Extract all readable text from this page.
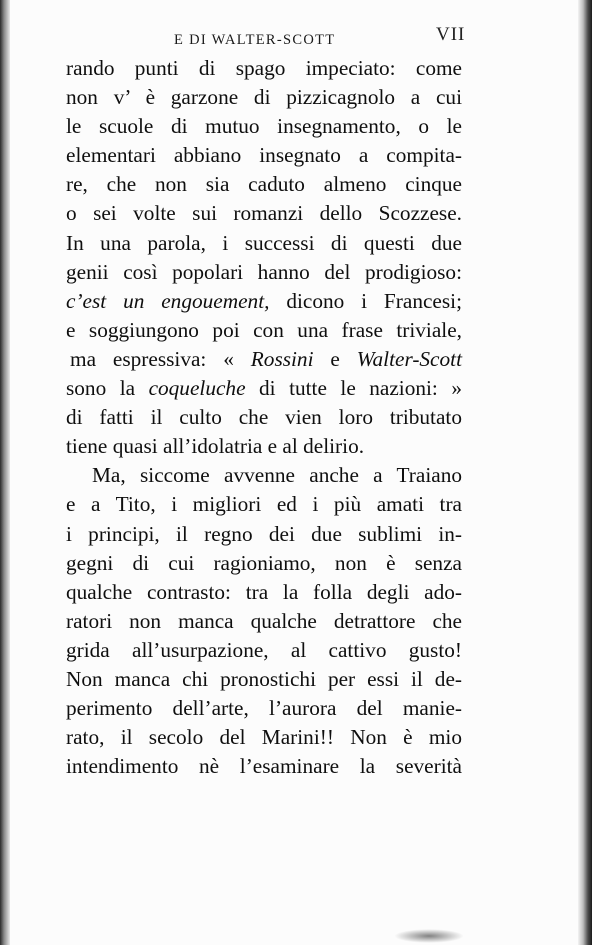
E DI WALTER-SCOTT	VII
rando punti di spago impeciato: come
non v’ è garzone di pizzicagnolo a cui
le scuole di mutuo insegnamento, o le
elementari abbiano insegnato a compita-
re, che non sia caduto almeno cinque
o sei volte sui romanzi dello Scozzese.
In una parola, i successi di questi due
genii così popolari hanno del prodigioso:
c’est un engouement, dicono i Francesi;
e soggiungono poi con una frase triviale,
ma espressiva: « Rossini e Walter-Scott
sono la coqueluche di tutte le nazioni: »
di fatti il culto che vien loro tributato
tiene quasi all’idolatria e al delirio.
Ma, siccome avvenne anche a Traiano
e a Tito, i migliori ed i più amati tra
i principi, il regno dei due sublimi in-
gegni di cui ragioniamo, non è senza
qualche contrasto: tra la folla degli ado-
ratori non manca qualche detrattore che
grida all’usurpazione, al cattivo gusto!
Non manca chi pronostichi per essi il de-
perimento dell’arte, l’aurora del manie-
rato, il secolo del Marini!! Non è mio
intendimento nè l’esaminare la severità
